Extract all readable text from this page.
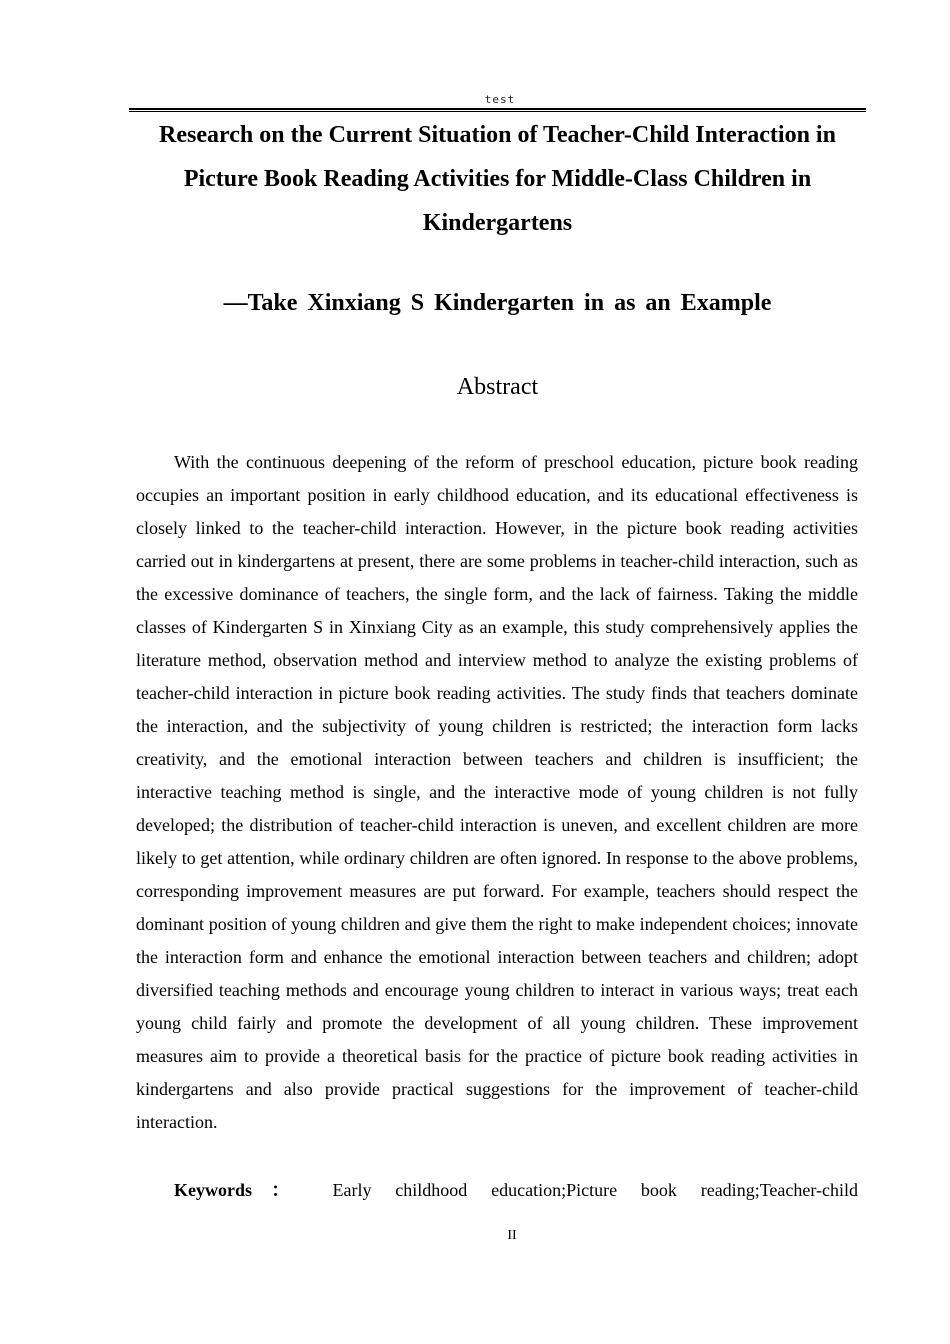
test
Research on the Current Situation of Teacher-Child Interaction in Picture Book Reading Activities for Middle-Class Children in Kindergartens
—Take Xinxiang S Kindergarten in as an Example
Abstract

With the continuous deepening of the reform of preschool education, picture book reading occupies an important position in early childhood education, and its educational effectiveness is closely linked to the teacher-child interaction. However, in the picture book reading activities carried out in kindergartens at present, there are some problems in teacher-child interaction, such as the excessive dominance of teachers, the single form, and the lack of fairness. Taking the middle classes of Kindergarten S in Xinxiang City as an example, this study comprehensively applies the literature method, observation method and interview method to analyze the existing problems of teacher-child interaction in picture book reading activities. The study finds that teachers dominate the interaction, and the subjectivity of young children is restricted; the interaction form lacks creativity, and the emotional interaction between teachers and children is insufficient; the interactive teaching method is single, and the interactive mode of young children is not fully developed; the distribution of teacher-child interaction is uneven, and excellent children are more likely to get attention, while ordinary children are often ignored. In response to the above problems, corresponding improvement measures are put forward. For example, teachers should respect the dominant position of young children and give them the right to make independent choices; innovate the interaction form and enhance the emotional interaction between teachers and children; adopt diversified teaching methods and encourage young children to interact in various ways; treat each young child fairly and promote the development of all young children. These improvement measures aim to provide a theoretical basis for the practice of picture book reading activities in kindergartens and also provide practical suggestions for the improvement of teacher-child interaction.

Keywords： Early childhood education;Picture book reading;Teacher-child

II
